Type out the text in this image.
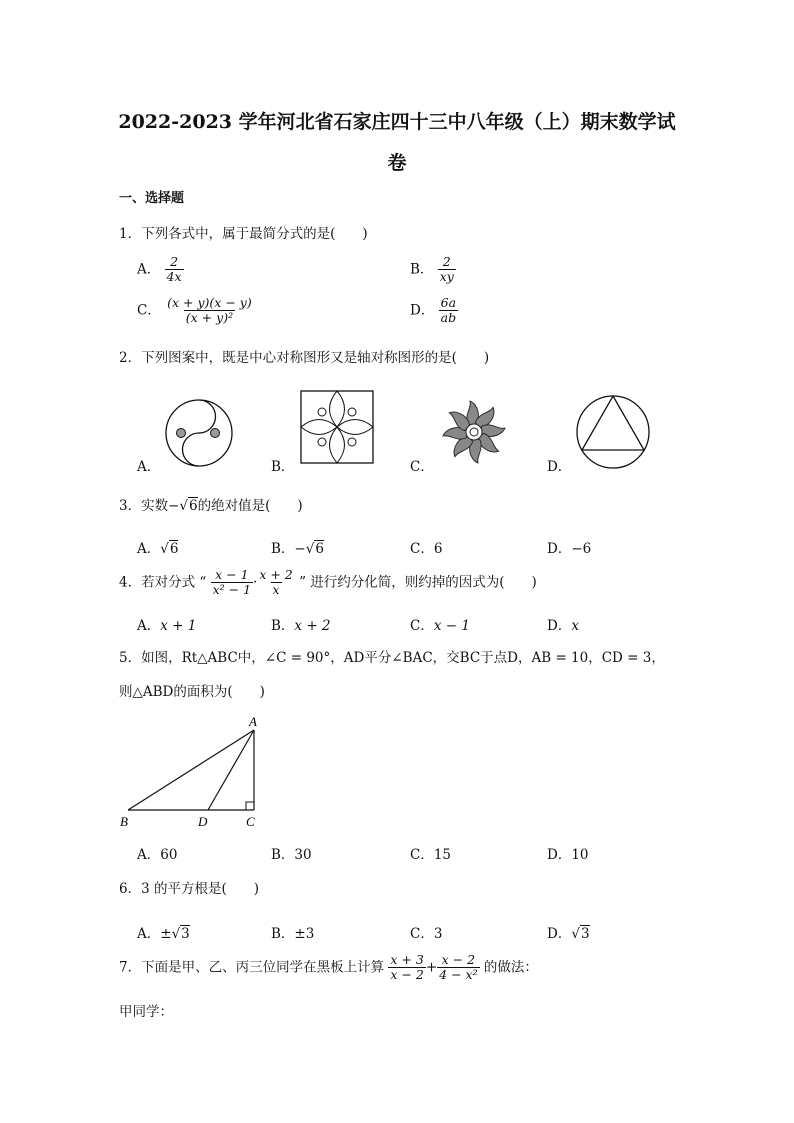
2022-2023 学年河北省石家庄四十三中八年级（上）期末数学试
卷
一、选择题
1．下列各式中，属于最简分式的是(　　)
A． $\frac{2}{4x}$	B． $\frac{2}{xy}$
C． $\frac{(x + y)(x - y)}{\text{(x + y)²}}$	D． $\frac{6a}{ab}$
2．下列图案中，既是中心对称图形又是轴对称图形的是(　　)
A．	B．	C．	D．
3．实数−√6的绝对值是(　　)
A．√6	B．−√6	C．6	D．−6
4．若对分式 “ $\frac{x - 1}{\text{x² − 1}} \cdot \frac{x + 2}{x}$ ” 进行约分化简，则约掉的因式为(　　)
A．x + 1	B．x + 2	C．x − 1	D．x
5．如图，Rt△ABC中，∠C = 90°，AD平分∠BAC，交BC于点D，AB = 10，CD = 3，
则△ABD的面积为(　　)
A
B	C
D
A．60	B．30	C．15	D．10
6．3 的平方根是(　　)
A．±√3	B．±3	C．3	D．√3
7．下面是甲、乙、丙三位同学在黑板上计算 $\frac{x + 3}{x - 2} + \frac{x - 2}{\text{4 − x²}}$ 的做法：
甲同学：
